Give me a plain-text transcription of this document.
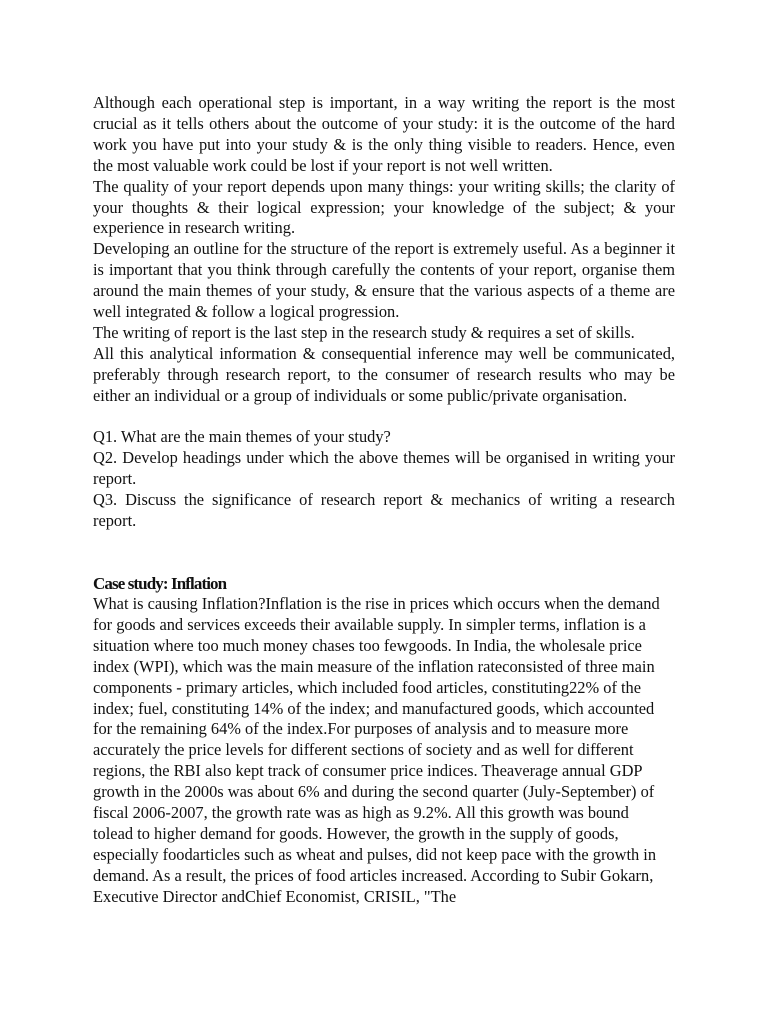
Although each operational step is important, in a way writing the report is the most crucial as it tells others about the outcome of your study: it is the outcome of the hard work you have put into your study & is the only thing visible to readers. Hence, even the most valuable work could be lost if your report is not well written.

The quality of your report depends upon many things: your writing skills; the clarity of your thoughts & their logical expression; your knowledge of the subject; & your experience in research writing.

Developing an outline for the structure of the report is extremely useful. As a beginner it is important that you think through carefully the contents of your report, organise them around the main themes of your study, & ensure that the various aspects of a theme are well integrated & follow a logical progression.

The writing of report is the last step in the research study & requires a set of skills.

All this analytical information & consequential inference may well be communicated, preferably through research report, to the consumer of research results who may be either an individual or a group of individuals or some public/private organisation.

Q1. What are the main themes of your study?

Q2. Develop headings under which the above themes will be organised in writing your report.

Q3. Discuss the significance of research report & mechanics of writing a research report.

Case study: Inflation

What is causing Inflation?Inflation is the rise in prices which occurs when the demand for goods and services exceeds their available supply. In simpler terms, inflation is a situation where too much money chases too fewgoods. In India, the wholesale price index (WPI), which was the main measure of the inflation rateconsisted of three main components - primary articles, which included food articles, constituting22% of the index; fuel, constituting 14% of the index; and manufactured goods, which accounted for the remaining 64% of the index.For purposes of analysis and to measure more accurately the price levels for different sections of society and as well for different regions, the RBI also kept track of consumer price indices. Theaverage annual GDP growth in the 2000s was about 6% and during the second quarter (July-September) of fiscal 2006-2007, the growth rate was as high as 9.2%. All this growth was bound tolead to higher demand for goods. However, the growth in the supply of goods, especially foodarticles such as wheat and pulses, did not keep pace with the growth in demand. As a result, the prices of food articles increased. According to Subir Gokarn, Executive Director andChief Economist, CRISIL, "The
